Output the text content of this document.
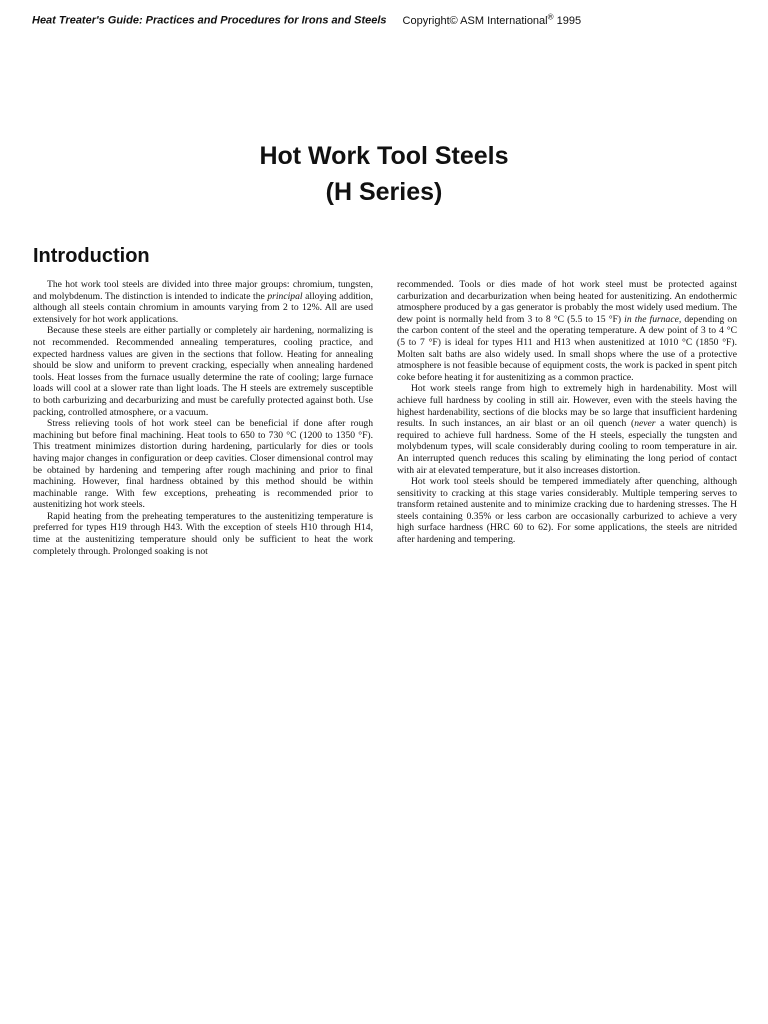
Heat Treater's Guide: Practices and Procedures for Irons and Steels Copyright© ASM International® 1995
Hot Work Tool Steels
(H Series)
Introduction

The hot work tool steels are divided into three major groups: chromium, tungsten, and molybdenum. The distinction is intended to indicate the principal alloying addition, although all steels contain chromium in amounts varying from 2 to 12%. All are used extensively for hot work applications.

Because these steels are either partially or completely air hardening, normalizing is not recommended. Recommended annealing temperatures, cooling practice, and expected hardness values are given in the sections that follow. Heating for annealing should be slow and uniform to prevent cracking, especially when annealing hardened tools. Heat losses from the furnace usually determine the rate of cooling; large furnace loads will cool at a slower rate than light loads. The H steels are extremely susceptible to both carburizing and decarburizing and must be carefully protected against both. Use packing, controlled atmosphere, or a vacuum.

Stress relieving tools of hot work steel can be beneficial if done after rough machining but before final machining. Heat tools to 650 to 730 °C (1200 to 1350 °F). This treatment minimizes distortion during hardening, particularly for dies or tools having major changes in configuration or deep cavities. Closer dimensional control may be obtained by hardening and tempering after rough machining and prior to final machining. However, final hardness obtained by this method should be within machinable range. With few exceptions, preheating is recommended prior to austenitizing hot work steels.

Rapid heating from the preheating temperatures to the austenitizing temperature is preferred for types H19 through H43. With the exception of steels H10 through H14, time at the austenitizing temperature should only be sufficient to heat the work completely through. Prolonged soaking is not

recommended. Tools or dies made of hot work steel must be protected against carburization and decarburization when being heated for austenitizing. An endothermic atmosphere produced by a gas generator is probably the most widely used medium. The dew point is normally held from 3 to 8 °C (5.5 to 15 °F) in the furnace, depending on the carbon content of the steel and the operating temperature. A dew point of 3 to 4 °C (5 to 7 °F) is ideal for types H11 and H13 when austenitized at 1010 °C (1850 °F). Molten salt baths are also widely used. In small shops where the use of a protective atmosphere is not feasible because of equipment costs, the work is packed in spent pitch coke before heating it for austenitizing as a common practice.

Hot work steels range from high to extremely high in hardenability. Most will achieve full hardness by cooling in still air. However, even with the steels having the highest hardenability, sections of die blocks may be so large that insufficient hardening results. In such instances, an air blast or an oil quench (never a water quench) is required to achieve full hardness. Some of the H steels, especially the tungsten and molybdenum types, will scale considerably during cooling to room temperature in air. An interrupted quench reduces this scaling by eliminating the long period of contact with air at elevated temperature, but it also increases distortion.

Hot work tool steels should be tempered immediately after quenching, although sensitivity to cracking at this stage varies considerably. Multiple tempering serves to transform retained austenite and to minimize cracking due to hardening stresses. The H steels containing 0.35% or less carbon are occasionally carburized to achieve a very high surface hardness (HRC 60 to 62). For some applications, the steels are nitrided after hardening and tempering.
